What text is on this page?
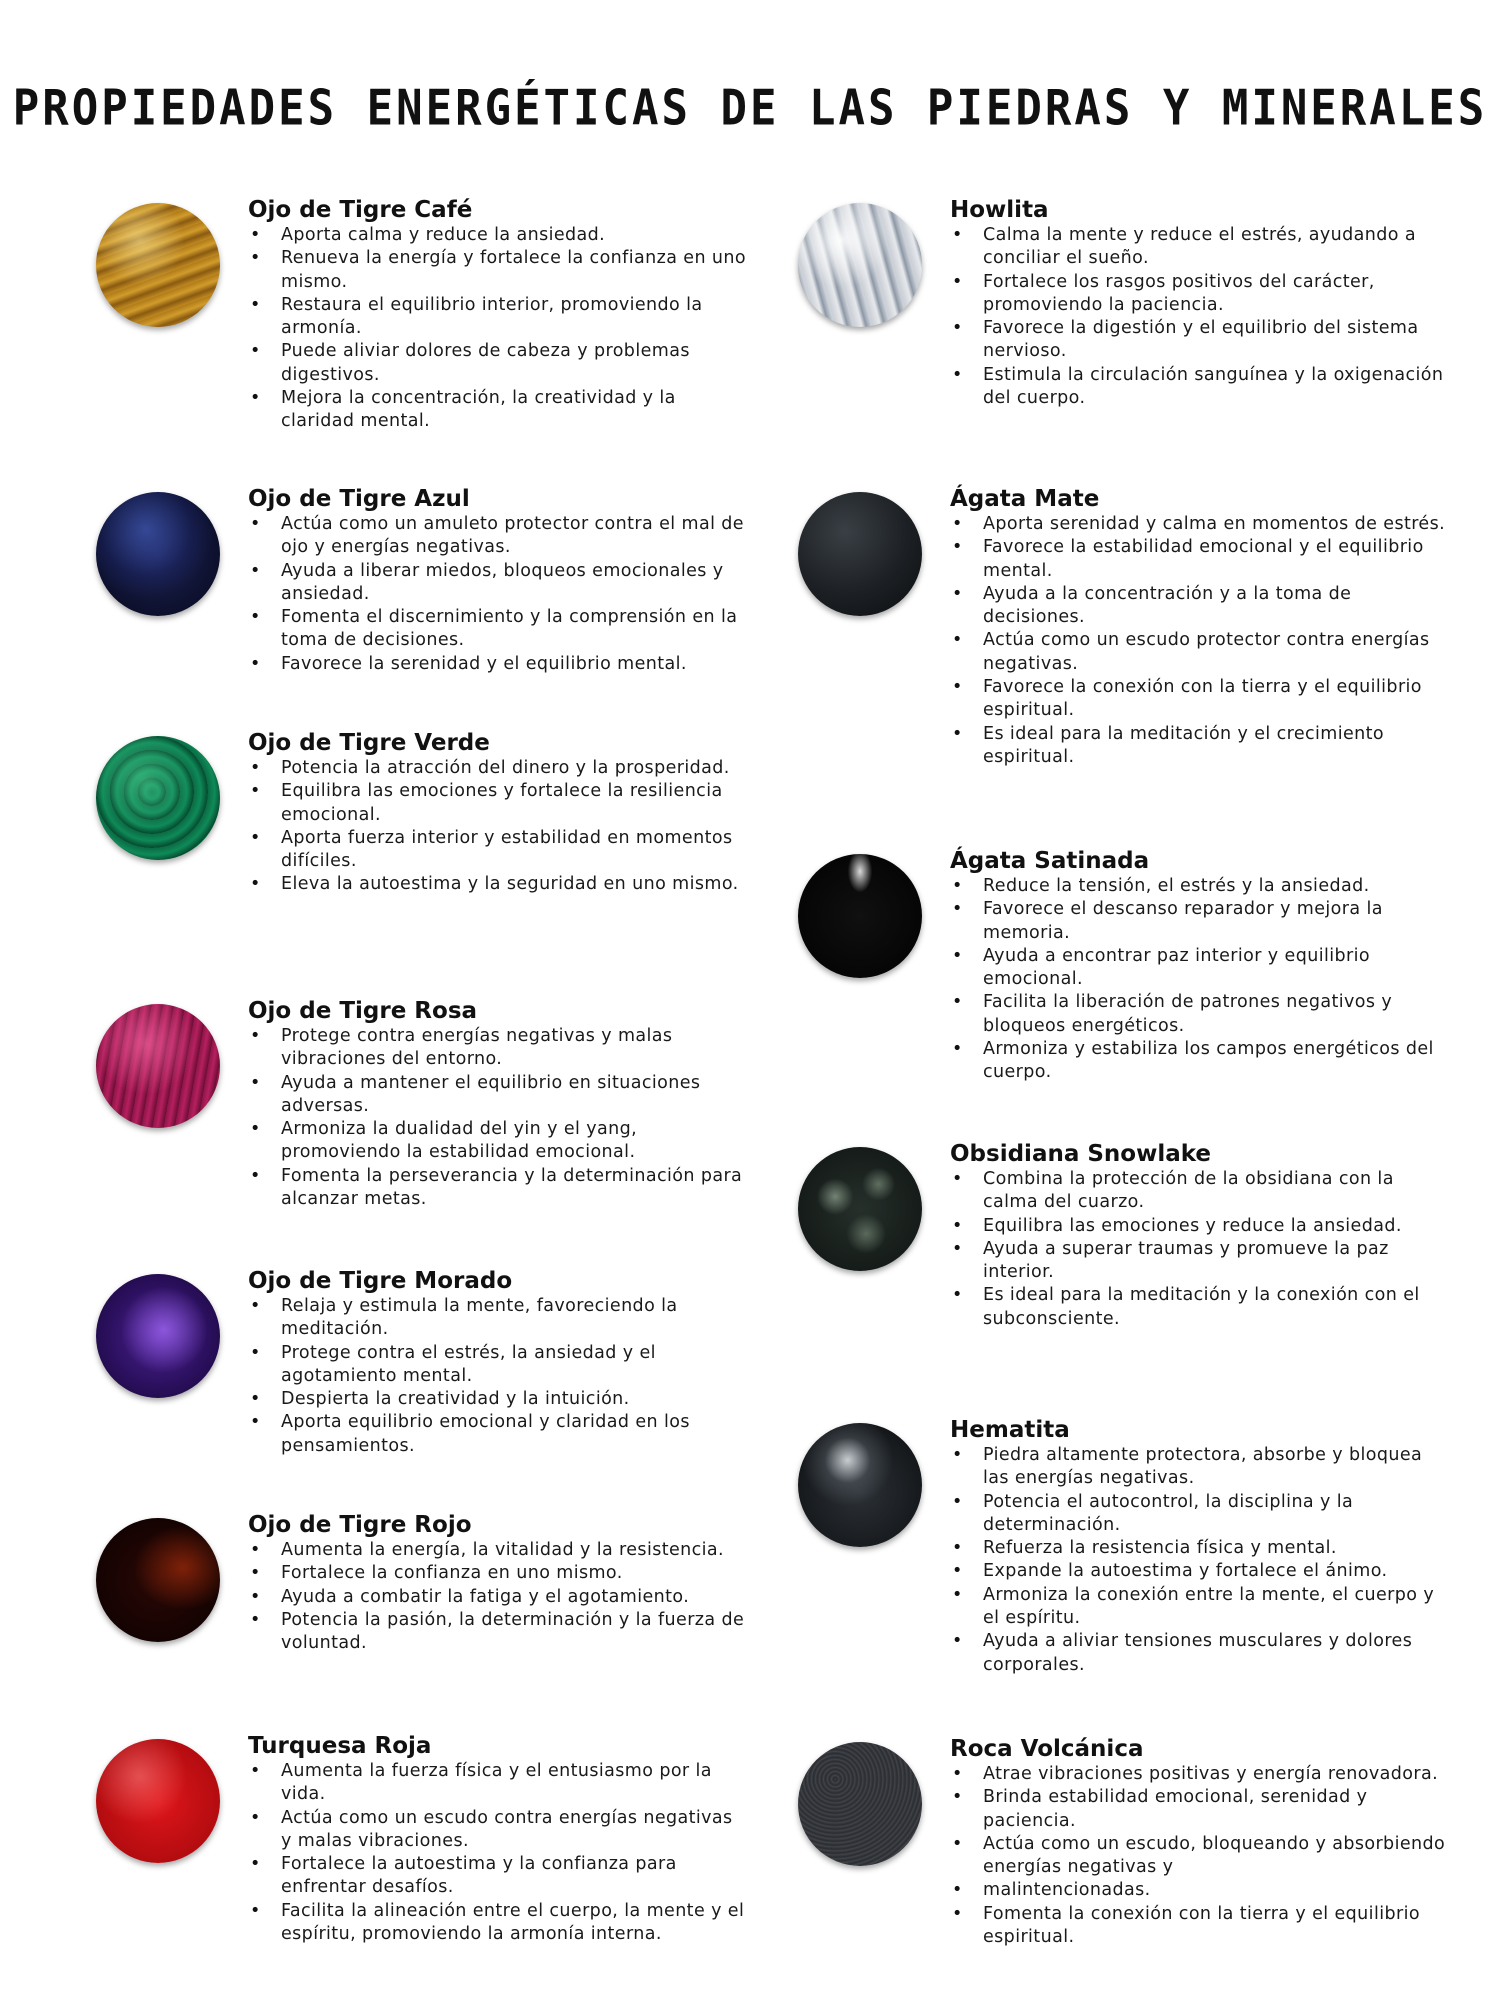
PROPIEDADES ENERGÉTICAS DE LAS PIEDRAS Y MINERALES
Ojo de Tigre Café
• Aporta calma y reduce la ansiedad.
• Renueva la energía y fortalece la confianza en uno mismo.
• Restaura el equilibrio interior, promoviendo la armonía.
• Puede aliviar dolores de cabeza y problemas digestivos.
• Mejora la concentración, la creatividad y la claridad mental.
Ojo de Tigre Azul
• Actúa como un amuleto protector contra el mal de ojo y energías negativas.
• Ayuda a liberar miedos, bloqueos emocionales y ansiedad.
• Fomenta el discernimiento y la comprensión en la toma de decisiones.
• Favorece la serenidad y el equilibrio mental.
Ojo de Tigre Verde
• Potencia la atracción del dinero y la prosperidad.
• Equilibra las emociones y fortalece la resiliencia emocional.
• Aporta fuerza interior y estabilidad en momentos difíciles.
• Eleva la autoestima y la seguridad en uno mismo.
Ojo de Tigre Rosa
• Protege contra energías negativas y malas vibraciones del entorno.
• Ayuda a mantener el equilibrio en situaciones adversas.
• Armoniza la dualidad del yin y el yang, promoviendo la estabilidad emocional.
• Fomenta la perseverancia y la determinación para alcanzar metas.
Ojo de Tigre Morado
• Relaja y estimula la mente, favoreciendo la meditación.
• Protege contra el estrés, la ansiedad y el agotamiento mental.
• Despierta la creatividad y la intuición.
• Aporta equilibrio emocional y claridad en los pensamientos.
Ojo de Tigre Rojo
• Aumenta la energía, la vitalidad y la resistencia.
• Fortalece la confianza en uno mismo.
• Ayuda a combatir la fatiga y el agotamiento.
• Potencia la pasión, la determinación y la fuerza de voluntad.
Turquesa Roja
• Aumenta la fuerza física y el entusiasmo por la vida.
• Actúa como un escudo contra energías negativas y malas vibraciones.
• Fortalece la autoestima y la confianza para enfrentar desafíos.
• Facilita la alineación entre el cuerpo, la mente y el espíritu, promoviendo la armonía interna.
Howlita
• Calma la mente y reduce el estrés, ayudando a conciliar el sueño.
• Fortalece los rasgos positivos del carácter, promoviendo la paciencia.
• Favorece la digestión y el equilibrio del sistema nervioso.
• Estimula la circulación sanguínea y la oxigenación del cuerpo.
Ágata Mate
• Aporta serenidad y calma en momentos de estrés.
• Favorece la estabilidad emocional y el equilibrio mental.
• Ayuda a la concentración y a la toma de decisiones.
• Actúa como un escudo protector contra energías negativas.
• Favorece la conexión con la tierra y el equilibrio espiritual.
• Es ideal para la meditación y el crecimiento espiritual.
Ágata Satinada
• Reduce la tensión, el estrés y la ansiedad.
• Favorece el descanso reparador y mejora la memoria.
• Ayuda a encontrar paz interior y equilibrio emocional.
• Facilita la liberación de patrones negativos y bloqueos energéticos.
• Armoniza y estabiliza los campos energéticos del cuerpo.
Obsidiana Snowlake
• Combina la protección de la obsidiana con la calma del cuarzo.
• Equilibra las emociones y reduce la ansiedad.
• Ayuda a superar traumas y promueve la paz interior.
• Es ideal para la meditación y la conexión con el subconsciente.
Hematita
• Piedra altamente protectora, absorbe y bloquea las energías negativas.
• Potencia el autocontrol, la disciplina y la determinación.
• Refuerza la resistencia física y mental.
• Expande la autoestima y fortalece el ánimo.
• Armoniza la conexión entre la mente, el cuerpo y el espíritu.
• Ayuda a aliviar tensiones musculares y dolores corporales.
Roca Volcánica
• Atrae vibraciones positivas y energía renovadora.
• Brinda estabilidad emocional, serenidad y paciencia.
• Actúa como un escudo, bloqueando y absorbiendo energías negativas y
• malintencionadas.
• Fomenta la conexión con la tierra y el equilibrio espiritual.
